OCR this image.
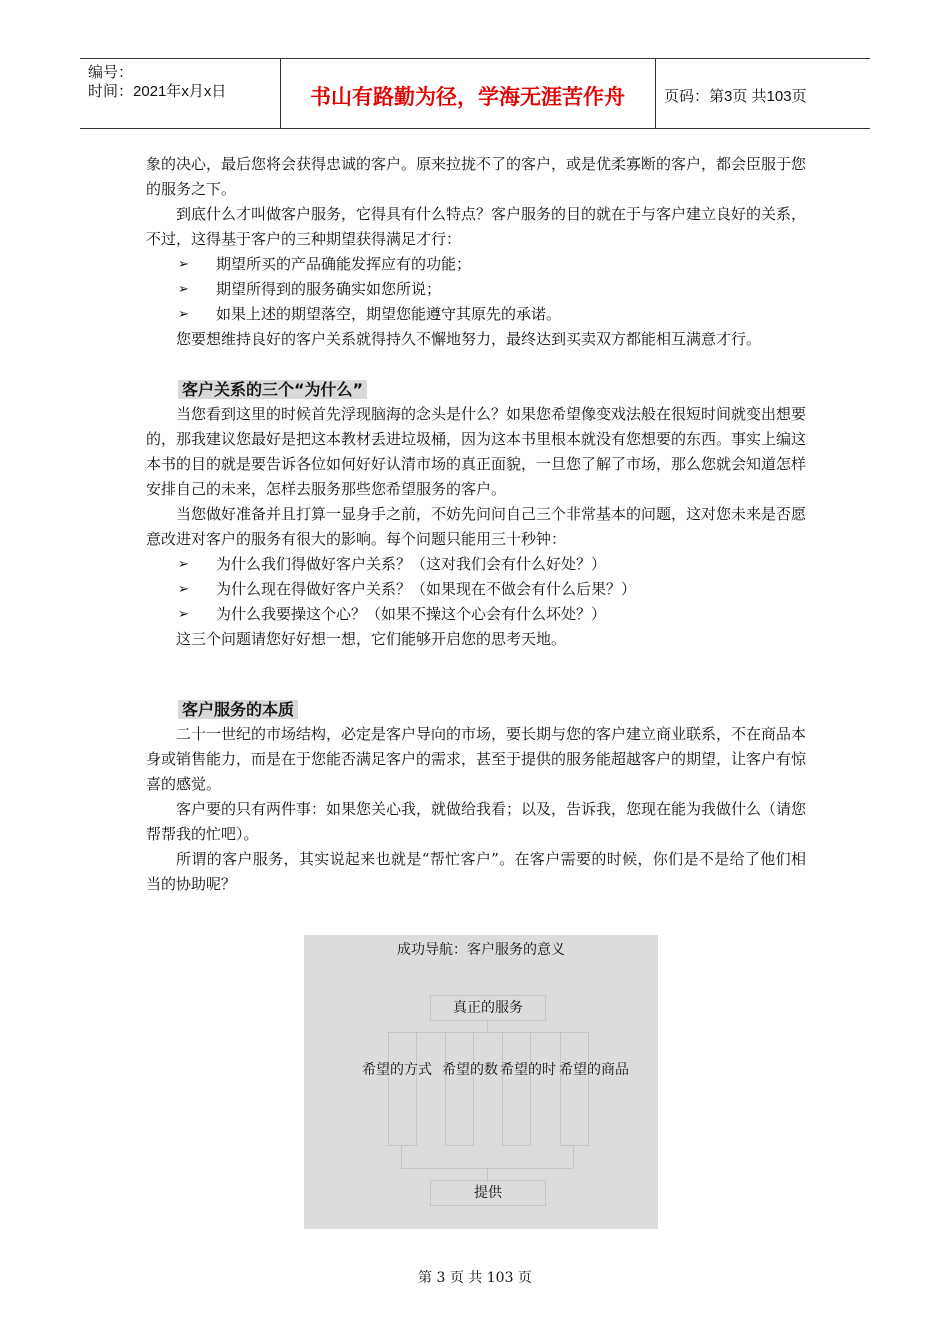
编号：
时间：2021年x月x日	书山有路勤为径，学海无涯苦作舟	页码：第3页 共103页

象的决心，最后您将会获得忠诚的客户。原来拉拢不了的客户，或是优柔寡断的客户，都会臣服于您的服务之下。

到底什么才叫做客户服务，它得具有什么特点？客户服务的目的就在于与客户建立良好的关系，不过，这得基于客户的三种期望获得满足才行：

➢ 期望所买的产品确能发挥应有的功能；

➢ 期望所得到的服务确实如您所说；

➢ 如果上述的期望落空，期望您能遵守其原先的承诺。

您要想维持良好的客户关系就得持久不懈地努力，最终达到买卖双方都能相互满意才行。

客户关系的三个“为什么”

当您看到这里的时候首先浮现脑海的念头是什么？如果您希望像变戏法般在很短时间就变出想要的，那我建议您最好是把这本教材丢进垃圾桶，因为这本书里根本就没有您想要的东西。事实上编这本书的目的就是要告诉各位如何好好认清市场的真正面貌，一旦您了解了市场，那么您就会知道怎样安排自己的未来，怎样去服务那些您希望服务的客户。

当您做好准备并且打算一显身手之前，不妨先问问自己三个非常基本的问题，这对您未来是否愿意改进对客户的服务有很大的影响。每个问题只能用三十秒钟：

➢ 为什么我们得做好客户关系？（这对我们会有什么好处？）

➢ 为什么现在得做好客户关系？（如果现在不做会有什么后果？）

➢ 为什么我要操这个心？（如果不操这个心会有什么坏处？）

这三个问题请您好好想一想，它们能够开启您的思考天地。

客户服务的本质

二十一世纪的市场结构，必定是客户导向的市场，要长期与您的客户建立商业联系，不在商品本身或销售能力，而是在于您能否满足客户的需求，甚至于提供的服务能超越客户的期望，让客户有惊喜的感觉。

客户要的只有两件事：如果您关心我，就做给我看；以及，告诉我，您现在能为我做什么（请您帮帮我的忙吧）。

所谓的客户服务，其实说起来也就是“帮忙客户”。在客户需要的时候，你们是不是给了他们相当的协助呢？

成功导航：客户服务的意义
真正的服务
希望的方式 希望的数 希望的时 希望的商品
提供
第 3 页 共 103 页
